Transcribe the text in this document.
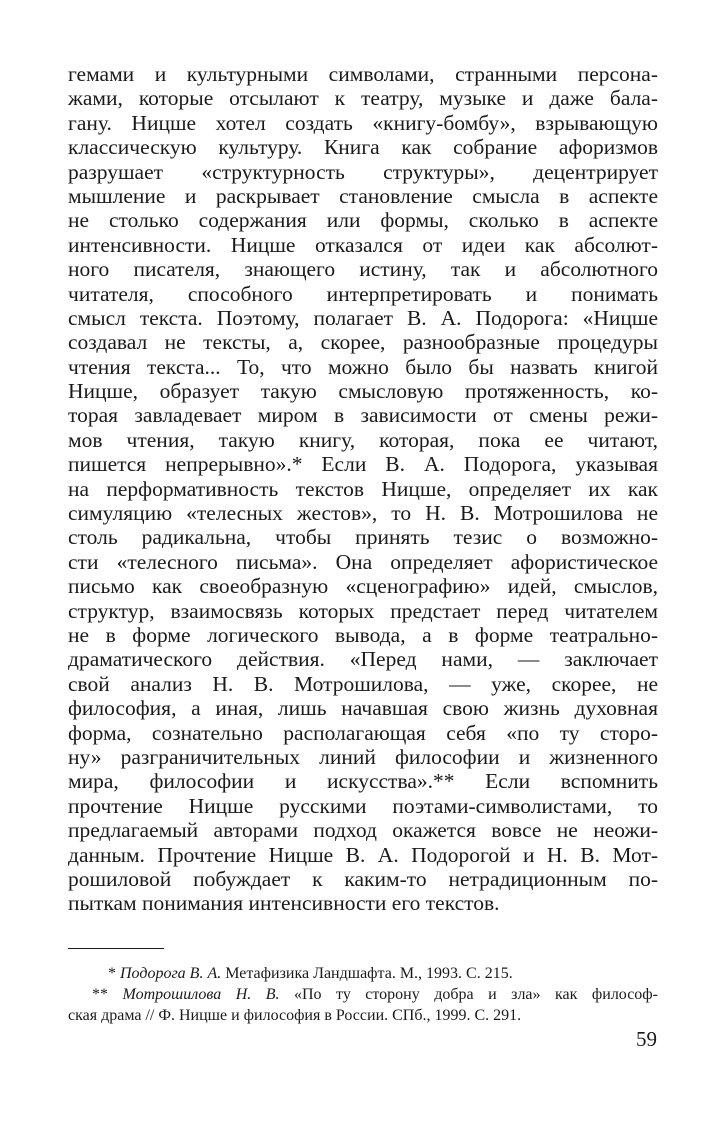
гемами и культурными символами, странными персона-
жами, которые отсылают к театру, музыке и даже бала-
гану. Ницше хотел создать «книгу-бомбу», взрывающую
классическую культуру. Книга как собрание афоризмов
разрушает «структурность структуры», децентрирует
мышление и раскрывает становление смысла в аспекте
не столько содержания или формы, сколько в аспекте
интенсивности. Ницше отказался от идеи как абсолют-
ного писателя, знающего истину, так и абсолютного
читателя, способного интерпретировать и понимать
смысл текста. Поэтому, полагает В. А. Подорога: «Ницше
создавал не тексты, а, скорее, разнообразные процедуры
чтения текста... То, что можно было бы назвать книгой
Ницше, образует такую смысловую протяженность, ко-
торая завладевает миром в зависимости от смены режи-
мов чтения, такую книгу, которая, пока ее читают,
пишется непрерывно».* Если В. А. Подорога, указывая
на перформативность текстов Ницше, определяет их как
симуляцию «телесных жестов», то Н. В. Мотрошилова не
столь радикальна, чтобы принять тезис о возможно-
сти «телесного письма». Она определяет афористическое
письмо как своеобразную «сценографию» идей, смыслов,
структур, взаимосвязь которых предстает перед читателем
не в форме логического вывода, а в форме театрально-
драматического действия. «Перед нами, — заключает
свой анализ Н. В. Мотрошилова, — уже, скорее, не
философия, а иная, лишь начавшая свою жизнь духовная
форма, сознательно располагающая себя «по ту сторо-
ну» разграничительных линий философии и жизненного
мира, философии и искусства».** Если вспомнить
прочтение Ницше русскими поэтами-символистами, то
предлагаемый авторами подход окажется вовсе не неожи-
данным. Прочтение Ницше В. А. Подорогой и Н. В. Мот-
рошиловой побуждает к каким-то нетрадиционным по-
пыткам понимания интенсивности его текстов.
* Подорога В. А. Метафизика Ландшафта. М., 1993. С. 215.
** Мотрошилова Н. В. «По ту сторону добра и зла» как философ-
ская драма // Ф. Ницше и философия в России. СПб., 1999. С. 291.
59
